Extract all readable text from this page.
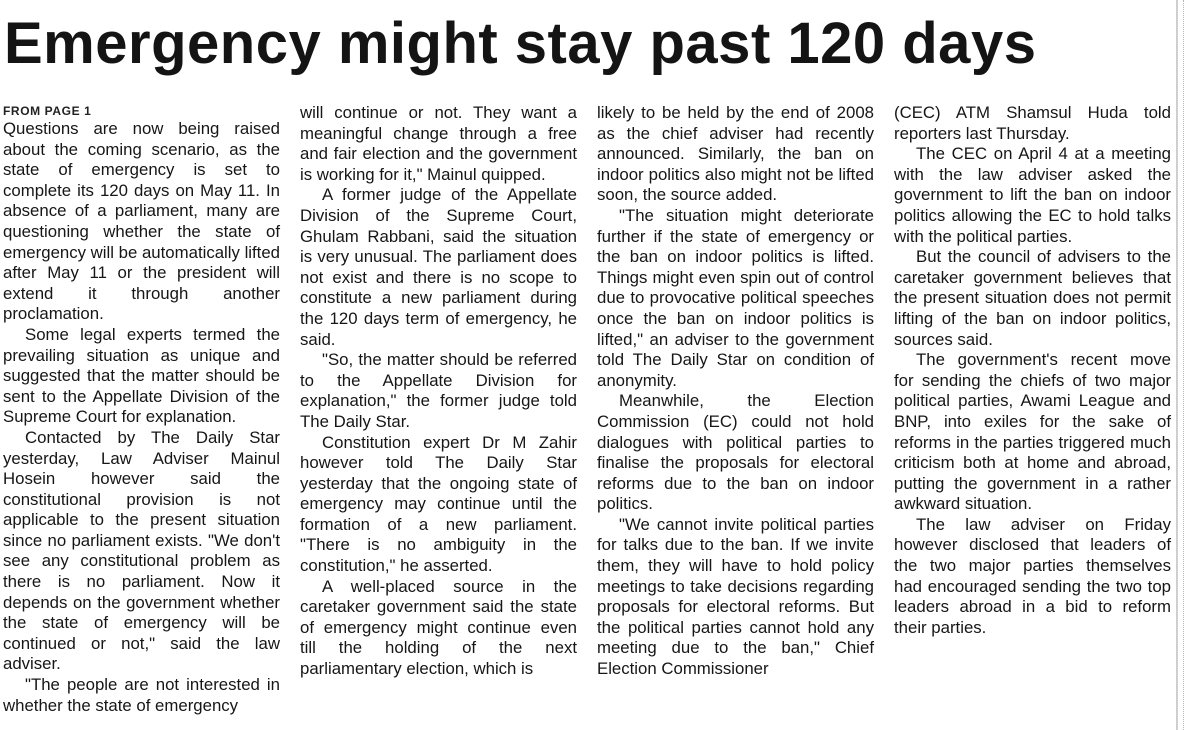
Emergency might stay past 120 days
FROM PAGE 1

Questions are now being raised about the coming scenario, as the state of emergency is set to complete its 120 days on May 11. In absence of a parliament, many are questioning whether the state of emergency will be automatically lifted after May 11 or the president will extend it through another proclamation.

Some legal experts termed the prevailing situation as unique and suggested that the matter should be sent to the Appellate Division of the Supreme Court for explanation.

Contacted by The Daily Star yesterday, Law Adviser Mainul Hosein however said the constitutional provision is not applicable to the present situation since no parliament exists. "We don't see any constitutional problem as there is no parliament. Now it depends on the government whether the state of emergency will be continued or not," said the law adviser.

"The people are not interested in whether the state of emergency

will continue or not. They want a meaningful change through a free and fair election and the government is working for it," Mainul quipped.

A former judge of the Appellate Division of the Supreme Court, Ghulam Rabbani, said the situation is very unusual. The parliament does not exist and there is no scope to constitute a new parliament during the 120 days term of emergency, he said.

"So, the matter should be referred to the Appellate Division for explanation," the former judge told The Daily Star.

Constitution expert Dr M Zahir however told The Daily Star yesterday that the ongoing state of emergency may continue until the formation of a new parliament. "There is no ambiguity in the constitution," he asserted.

A well-placed source in the caretaker government said the state of emergency might continue even till the holding of the next parliamentary election, which is

likely to be held by the end of 2008 as the chief adviser had recently announced. Similarly, the ban on indoor politics also might not be lifted soon, the source added.

"The situation might deteriorate further if the state of emergency or the ban on indoor politics is lifted. Things might even spin out of control due to provocative political speeches once the ban on indoor politics is lifted," an adviser to the government told The Daily Star on condition of anonymity.

Meanwhile, the Election Commission (EC) could not hold dialogues with political parties to finalise the proposals for electoral reforms due to the ban on indoor politics.

"We cannot invite political parties for talks due to the ban. If we invite them, they will have to hold policy meetings to take decisions regarding proposals for electoral reforms. But the political parties cannot hold any meeting due to the ban," Chief Election Commissioner

(CEC) ATM Shamsul Huda told reporters last Thursday.

The CEC on April 4 at a meeting with the law adviser asked the government to lift the ban on indoor politics allowing the EC to hold talks with the political parties.

But the council of advisers to the caretaker government believes that the present situation does not permit lifting of the ban on indoor politics, sources said.

The government's recent move for sending the chiefs of two major political parties, Awami League and BNP, into exiles for the sake of reforms in the parties triggered much criticism both at home and abroad, putting the government in a rather awkward situation.

The law adviser on Friday however disclosed that leaders of the two major parties themselves had encouraged sending the two top leaders abroad in a bid to reform their parties.
